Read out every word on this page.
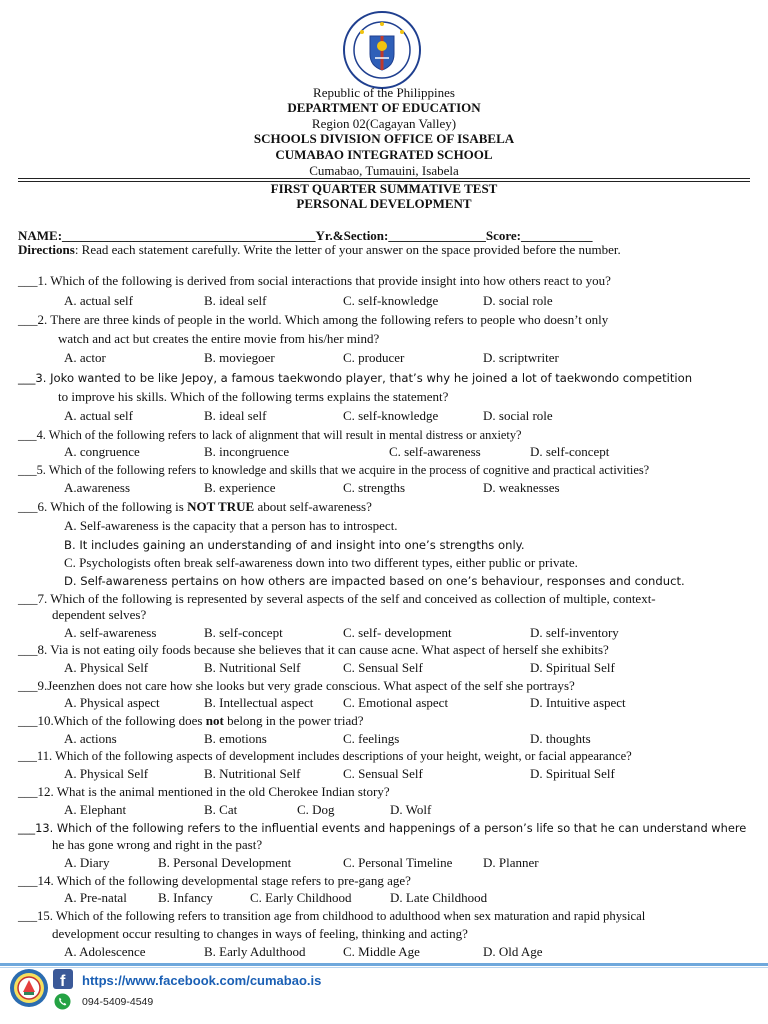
Republic of the Philippines
DEPARTMENT OF EDUCATION
Region 02(Cagayan Valley)
SCHOOLS DIVISION OFFICE OF ISABELA
CUMABAO INTEGRATED SCHOOL
Cumabao, Tumauini, Isabela
FIRST QUARTER SUMMATIVE TEST
PERSONAL DEVELOPMENT
NAME:_______________________________________Yr.&Section:_______________Score:___________
Directions: Read each statement carefully. Write the letter of your answer on the space provided before the number.
___1. Which of the following is derived from social interactions that provide insight into how others react to you?
A. actual self	B. ideal self	C. self-knowledge	D. social role
___2. There are three kinds of people in the world. Which among the following refers to people who doesn’t only
watch and act but creates the entire movie from his/her mind?
A. actor	B. moviegoer	C. producer	D. scriptwriter
___3. Joko wanted to be like Jepoy, a famous taekwondo player, that’s why he joined a lot of taekwondo competition
to improve his skills. Which of the following terms explains the statement?
A. actual self	B. ideal self	C. self-knowledge	D. social role
___4. Which of the following refers to lack of alignment that will result in mental distress or anxiety?
A. congruence	B. incongruence	C. self-awareness	D. self-concept
___5. Which of the following refers to knowledge and skills that we acquire in the process of cognitive and practical activities?
A.awareness	B. experience	C. strengths	D. weaknesses
___6. Which of the following is NOT TRUE about self-awareness?
A. Self-awareness is the capacity that a person has to introspect.
B. It includes gaining an understanding of and insight into one’s strengths only.
C. Psychologists often break self-awareness down into two different types, either public or private.
D. Self-awareness pertains on how others are impacted based on one’s behaviour, responses and conduct.
___7. Which of the following is represented by several aspects of the self and conceived as collection of multiple, context-
dependent selves?
A. self-awareness	B. self-concept	C. self- development	D. self-inventory
___8. Via is not eating oily foods because she believes that it can cause acne. What aspect of herself she exhibits?
A. Physical Self	B. Nutritional Self	C. Sensual Self	D. Spiritual Self
___9.Jeenzhen does not care how she looks but very grade conscious. What aspect of the self she portrays?
A. Physical aspect	B. Intellectual aspect C. Emotional aspect	D. Intuitive aspect
___10.Which of the following does not belong in the power triad?
A. actions	B. emotions	C. feelings	D. thoughts
___11. Which of the following aspects of development includes descriptions of your height, weight, or facial appearance?
A. Physical Self	B. Nutritional Self	C. Sensual Self	D. Spiritual Self
___12. What is the animal mentioned in the old Cherokee Indian story?
A. Elephant	B. Cat	C. Dog	D. Wolf
___13. Which of the following refers to the influential events and happenings of a person’s life so that he can understand where
he has gone wrong and right in the past?
A. Diary	B. Personal Development	C. Personal Timeline D. Planner
___14. Which of the following developmental stage refers to pre-gang age?
A. Pre-natal B. Infancy	C. Early Childhood	D. Late Childhood
___15. Which of the following refers to transition age from childhood to adulthood when sex maturation and rapid physical
development occur resulting to changes in ways of feeling, thinking and acting?
A. Adolescence	B. Early Adulthood	C. Middle Age	D. Old Age
f https://www.facebook.com/cumabao.is
094-5409-4549
